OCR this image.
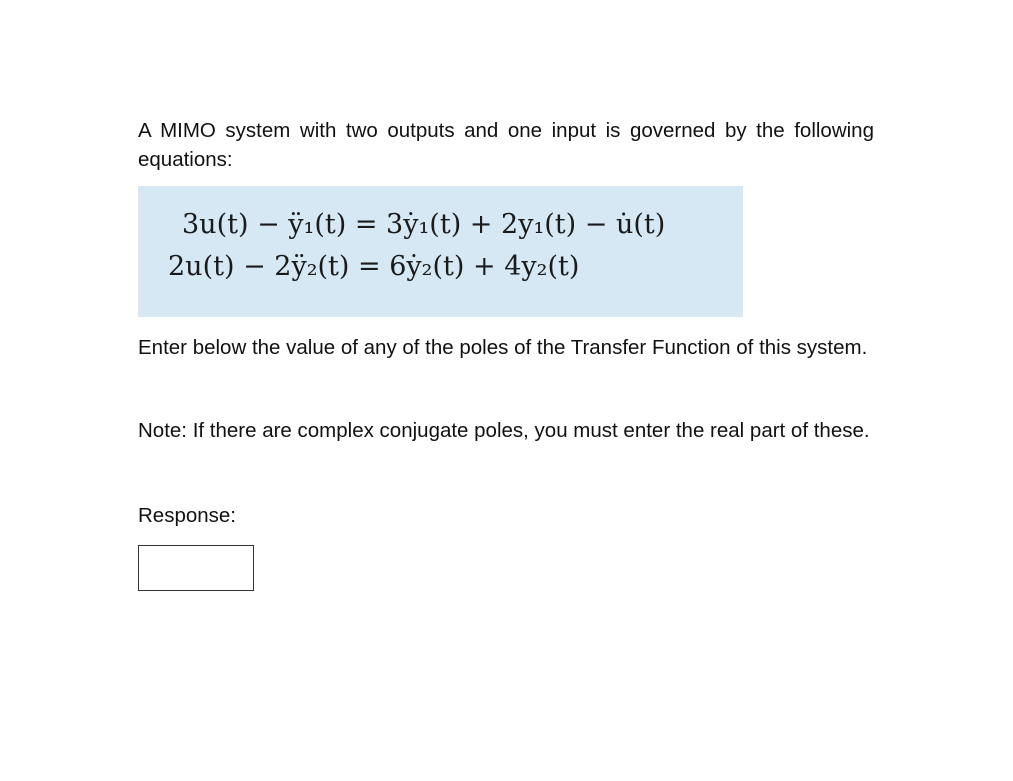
A MIMO system with two outputs and one input is governed by the following equations:

3u(t) − ÿ₁(t) = 3ẏ₁(t) + 2y₁(t) − u̇(t)
2u(t) − 2ÿ₂(t) = 6ẏ₂(t) + 4y₂(t)

Enter below the value of any of the poles of the Transfer Function of this system.

Note: If there are complex conjugate poles, you must enter the real part of these.

Response:
